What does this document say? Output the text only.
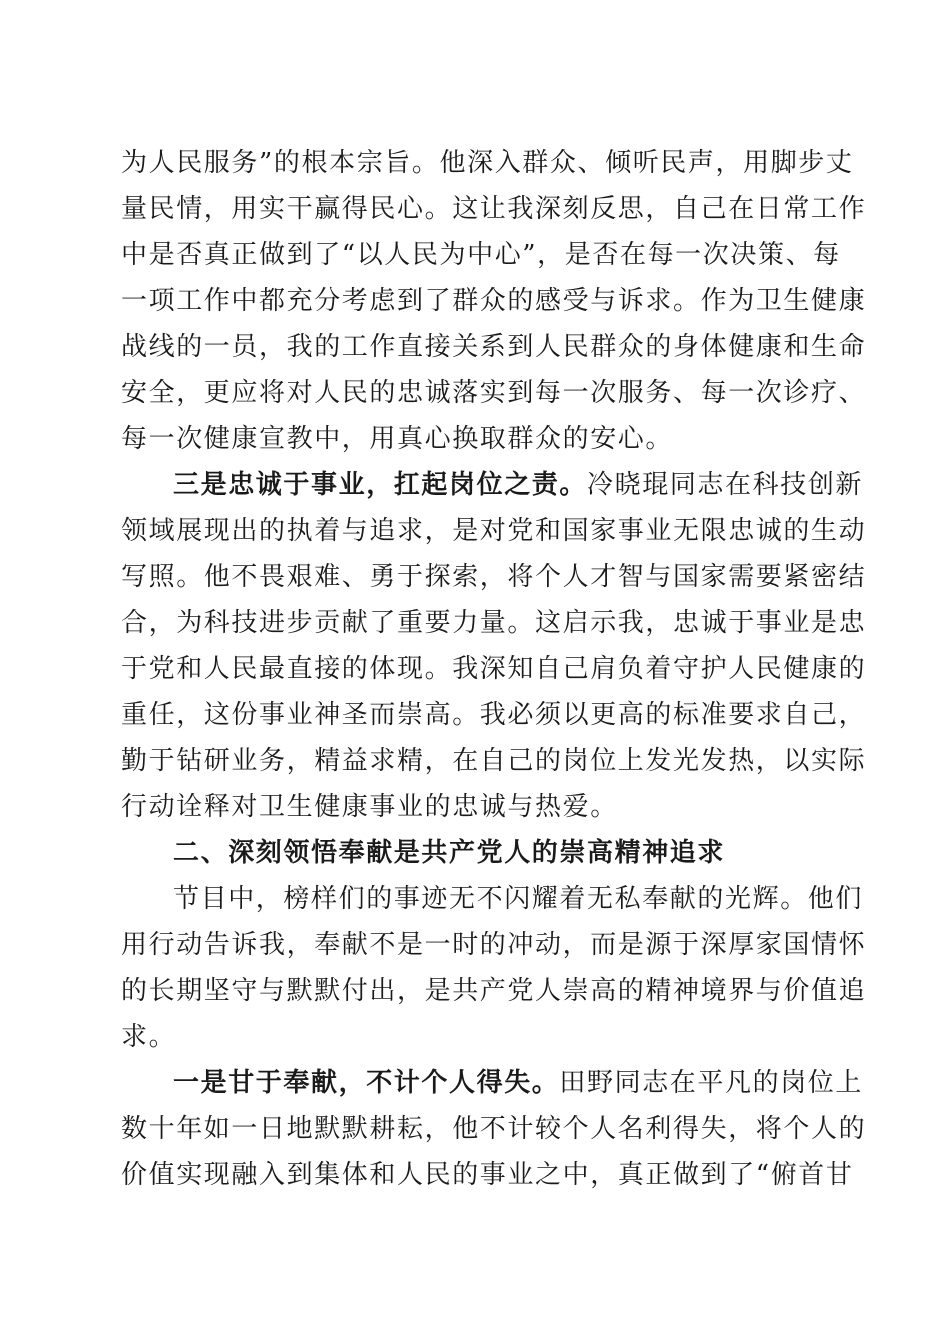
为人民服务”的根本宗旨。他深入群众、倾听民声，用脚步丈
量民情，用实干赢得民心。这让我深刻反思，自己在日常工作
中是否真正做到了“以人民为中心”，是否在每一次决策、每
一项工作中都充分考虑到了群众的感受与诉求。作为卫生健康
战线的一员，我的工作直接关系到人民群众的身体健康和生命
安全，更应将对人民的忠诚落实到每一次服务、每一次诊疗、
每一次健康宣教中，用真心换取群众的安心。
三是忠诚于事业，扛起岗位之责。冷晓琨同志在科技创新
领域展现出的执着与追求，是对党和国家事业无限忠诚的生动
写照。他不畏艰难、勇于探索，将个人才智与国家需要紧密结
合，为科技进步贡献了重要力量。这启示我，忠诚于事业是忠
于党和人民最直接的体现。我深知自己肩负着守护人民健康的
重任，这份事业神圣而崇高。我必须以更高的标准要求自己，
勤于钻研业务，精益求精，在自己的岗位上发光发热，以实际
行动诠释对卫生健康事业的忠诚与热爱。
二、深刻领悟奉献是共产党人的崇高精神追求
节目中，榜样们的事迹无不闪耀着无私奉献的光辉。他们
用行动告诉我，奉献不是一时的冲动，而是源于深厚家国情怀
的长期坚守与默默付出，是共产党人崇高的精神境界与价值追
求。
一是甘于奉献，不计个人得失。田野同志在平凡的岗位上
数十年如一日地默默耕耘，他不计较个人名利得失，将个人的
价值实现融入到集体和人民的事业之中，真正做到了“俯首甘
